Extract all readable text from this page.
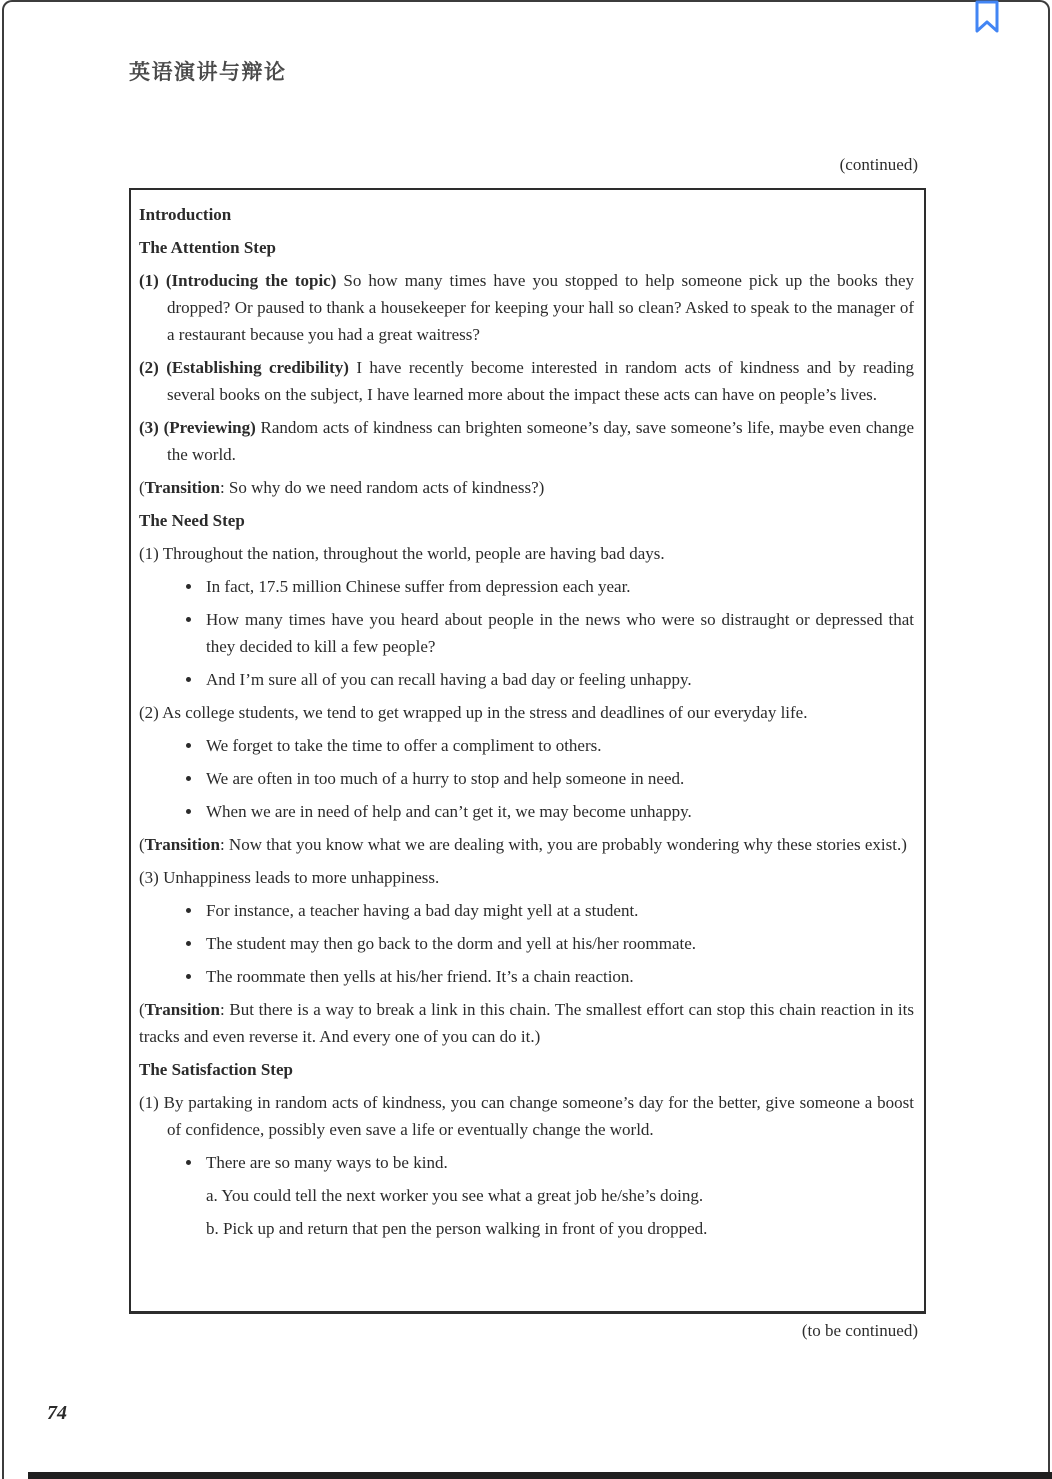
英语演讲与辩论
(continued)
Introduction
The Attention Step
(1) (Introducing the topic) So how many times have you stopped to help someone pick up the books they dropped? Or paused to thank a housekeeper for keeping your hall so clean? Asked to speak to the manager of a restaurant because you had a great waitress?
(2) (Establishing credibility) I have recently become interested in random acts of kindness and by reading several books on the subject, I have learned more about the impact these acts can have on people’s lives.
(3) (Previewing) Random acts of kindness can brighten someone’s day, save someone’s life, maybe even change the world.
(Transition: So why do we need random acts of kindness?)
The Need Step
(1) Throughout the nation, throughout the world, people are having bad days.
In fact, 17.5 million Chinese suffer from depression each year.
How many times have you heard about people in the news who were so distraught or depressed that they decided to kill a few people?
And I’m sure all of you can recall having a bad day or feeling unhappy.
(2) As college students, we tend to get wrapped up in the stress and deadlines of our everyday life.
We forget to take the time to offer a compliment to others.
We are often in too much of a hurry to stop and help someone in need.
When we are in need of help and can’t get it, we may become unhappy.
(Transition: Now that you know what we are dealing with, you are probably wondering why these stories exist.)
(3) Unhappiness leads to more unhappiness.
For instance, a teacher having a bad day might yell at a student.
The student may then go back to the dorm and yell at his/her roommate.
The roommate then yells at his/her friend. It’s a chain reaction.
(Transition: But there is a way to break a link in this chain. The smallest effort can stop this chain reaction in its tracks and even reverse it. And every one of you can do it.)
The Satisfaction Step
(1) By partaking in random acts of kindness, you can change someone’s day for the better, give someone a boost of confidence, possibly even save a life or eventually change the world.
There are so many ways to be kind.
a. You could tell the next worker you see what a great job he/she’s doing.
b. Pick up and return that pen the person walking in front of you dropped.
(to be continued)
74
